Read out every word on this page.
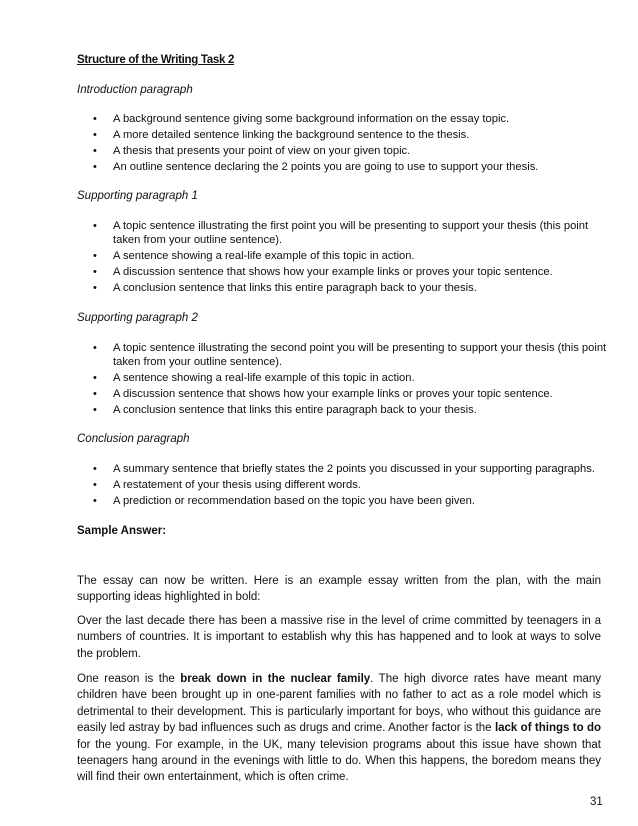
Structure of the Writing Task 2
Introduction paragraph
• A background sentence giving some background information on the essay topic.
• A more detailed sentence linking the background sentence to the thesis.
• A thesis that presents your point of view on your given topic.
• An outline sentence declaring the 2 points you are going to use to support your thesis.
Supporting paragraph 1
• A topic sentence illustrating the first point you will be presenting to support your thesis (this point taken from your outline sentence).
• A sentence showing a real-life example of this topic in action.
• A discussion sentence that shows how your example links or proves your topic sentence.
• A conclusion sentence that links this entire paragraph back to your thesis.
Supporting paragraph 2
• A topic sentence illustrating the second point you will be presenting to support your thesis (this point taken from your outline sentence).
• A sentence showing a real-life example of this topic in action.
• A discussion sentence that shows how your example links or proves your topic sentence.
• A conclusion sentence that links this entire paragraph back to your thesis.
Conclusion paragraph
• A summary sentence that briefly states the 2 points you discussed in your supporting paragraphs.
• A restatement of your thesis using different words.
• A prediction or recommendation based on the topic you have been given.
Sample Answer:
The essay can now be written. Here is an example essay written from the plan, with the main supporting ideas highlighted in bold:
Over the last decade there has been a massive rise in the level of crime committed by teenagers in a numbers of countries. It is important to establish why this has happened and to look at ways to solve the problem.
One reason is the break down in the nuclear family. The high divorce rates have meant many children have been brought up in one-parent families with no father to act as a role model which is detrimental to their development. This is particularly important for boys, who without this guidance are easily led astray by bad influences such as drugs and crime. Another factor is the lack of things to do for the young. For example, in the UK, many television programs about this issue have shown that teenagers hang around in the evenings with little to do. When this happens, the boredom means they will find their own entertainment, which is often crime.
31
